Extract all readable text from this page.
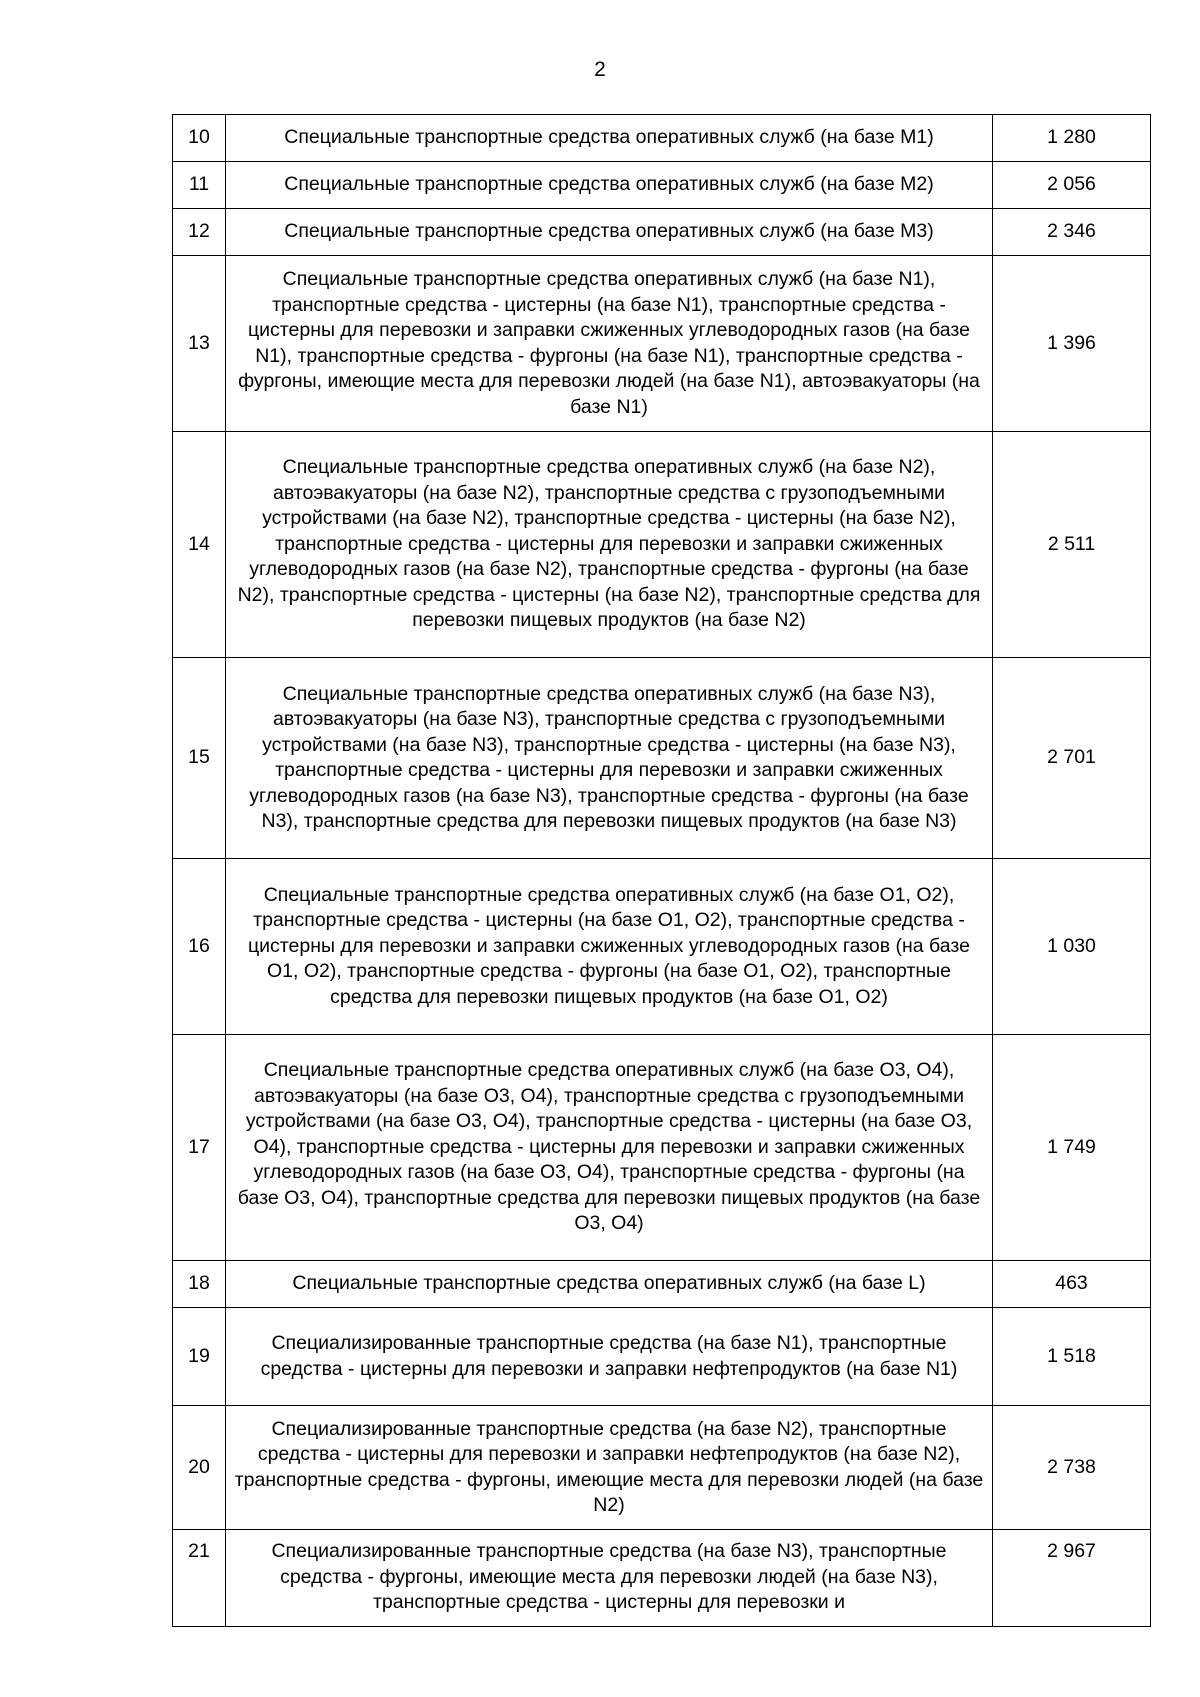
2
10	Специальные транспортные средства оперативных служб (на базе M1)	1 280
11	Специальные транспортные средства оперативных служб (на базе M2)	2 056
12	Специальные транспортные средства оперативных служб (на базе M3)	2 346
13	Специальные транспортные средства оперативных служб (на базе N1), транспортные средства - цистерны (на базе N1), транспортные средства - цистерны для перевозки и заправки сжиженных углеводородных газов (на базе N1), транспортные средства - фургоны (на базе N1), транспортные средства - фургоны, имеющие места для перевозки людей (на базе N1), автоэвакуаторы (на базе N1)	1 396
14	Специальные транспортные средства оперативных служб (на базе N2), автоэвакуаторы (на базе N2), транспортные средства с грузоподъемными устройствами (на базе N2), транспортные средства - цистерны (на базе N2), транспортные средства - цистерны для перевозки и заправки сжиженных углеводородных газов (на базе N2), транспортные средства - фургоны (на базе N2), транспортные средства - цистерны (на базе N2), транспортные средства для перевозки пищевых продуктов (на базе N2)	2 511
15	Специальные транспортные средства оперативных служб (на базе N3), автоэвакуаторы (на базе N3), транспортные средства с грузоподъемными устройствами (на базе N3), транспортные средства - цистерны (на базе N3), транспортные средства - цистерны для перевозки и заправки сжиженных углеводородных газов (на базе N3), транспортные средства - фургоны (на базе N3), транспортные средства для перевозки пищевых продуктов (на базе N3)	2 701
16	Специальные транспортные средства оперативных служб (на базе O1, O2), транспортные средства - цистерны (на базе O1, O2), транспортные средства - цистерны для перевозки и заправки сжиженных углеводородных газов (на базе O1, O2), транспортные средства - фургоны (на базе O1, O2), транспортные средства для перевозки пищевых продуктов (на базе O1, O2)	1 030
17	Специальные транспортные средства оперативных служб (на базе O3, O4), автоэвакуаторы (на базе O3, O4), транспортные средства с грузоподъемными устройствами (на базе O3, O4), транспортные средства - цистерны (на базе O3, O4), транспортные средства - цистерны для перевозки и заправки сжиженных углеводородных газов (на базе O3, O4), транспортные средства - фургоны (на базе O3, O4), транспортные средства для перевозки пищевых продуктов (на базе O3, O4)	1 749
18	Специальные транспортные средства оперативных служб (на базе L)	463
19	Специализированные транспортные средства (на базе N1), транспортные средства - цистерны для перевозки и заправки нефтепродуктов (на базе N1)	1 518
20	Специализированные транспортные средства (на базе N2), транспортные средства - цистерны для перевозки и заправки нефтепродуктов (на базе N2), транспортные средства - фургоны, имеющие места для перевозки людей (на базе N2)	2 738
21	Специализированные транспортные средства (на базе N3), транспортные средства - фургоны, имеющие места для перевозки людей (на базе N3), транспортные средства - цистерны для перевозки и	2 967
